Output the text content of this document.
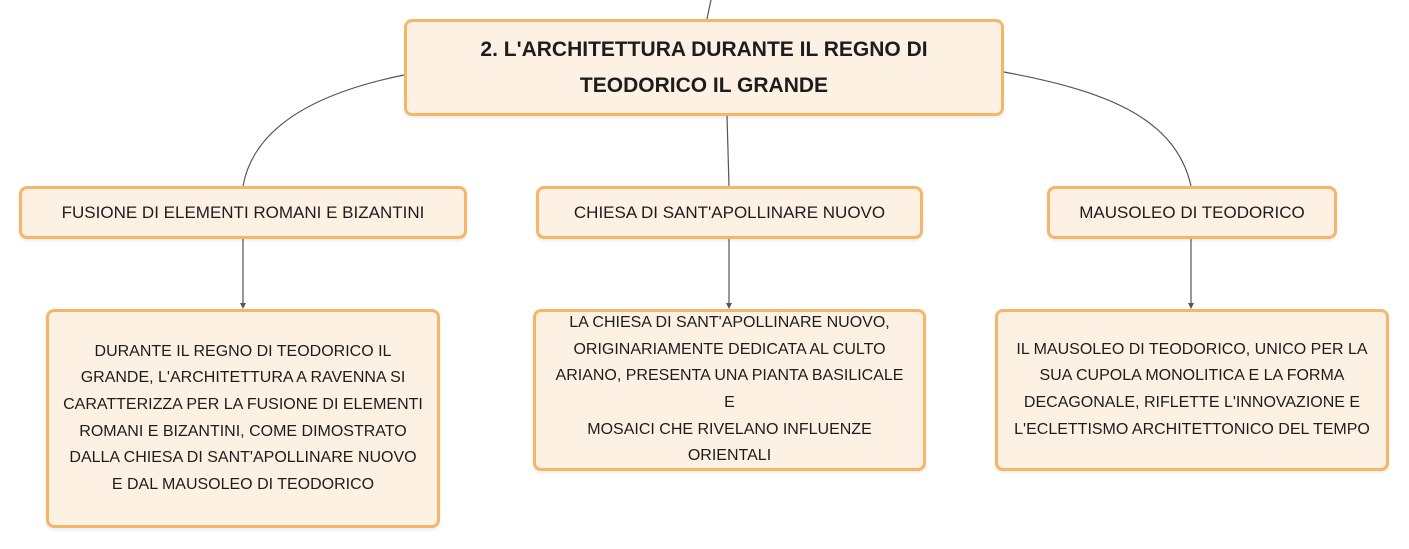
2. L'ARCHITETTURA DURANTE IL REGNO DI
TEODORICO IL GRANDE
FUSIONE DI ELEMENTI ROMANI E BIZANTINI	CHIESA DI SANT'APOLLINARE NUOVO	MAUSOLEO DI TEODORICO
DURANTE IL REGNO DI TEODORICO IL
GRANDE, L'ARCHITETTURA A RAVENNA SI
CARATTERIZZA PER LA FUSIONE DI ELEMENTI
ROMANI E BIZANTINI, COME DIMOSTRATO
DALLA CHIESA DI SANT'APOLLINARE NUOVO
E DAL MAUSOLEO DI TEODORICO
LA CHIESA DI SANT'APOLLINARE NUOVO,
ORIGINARIAMENTE DEDICATA AL CULTO
ARIANO, PRESENTA UNA PIANTA BASILICALE E
MOSAICI CHE RIVELANO INFLUENZE
ORIENTALI
IL MAUSOLEO DI TEODORICO, UNICO PER LA
SUA CUPOLA MONOLITICA E LA FORMA
DECAGONALE, RIFLETTE L'INNOVAZIONE E
L'ECLETTISMO ARCHITETTONICO DEL TEMPO
